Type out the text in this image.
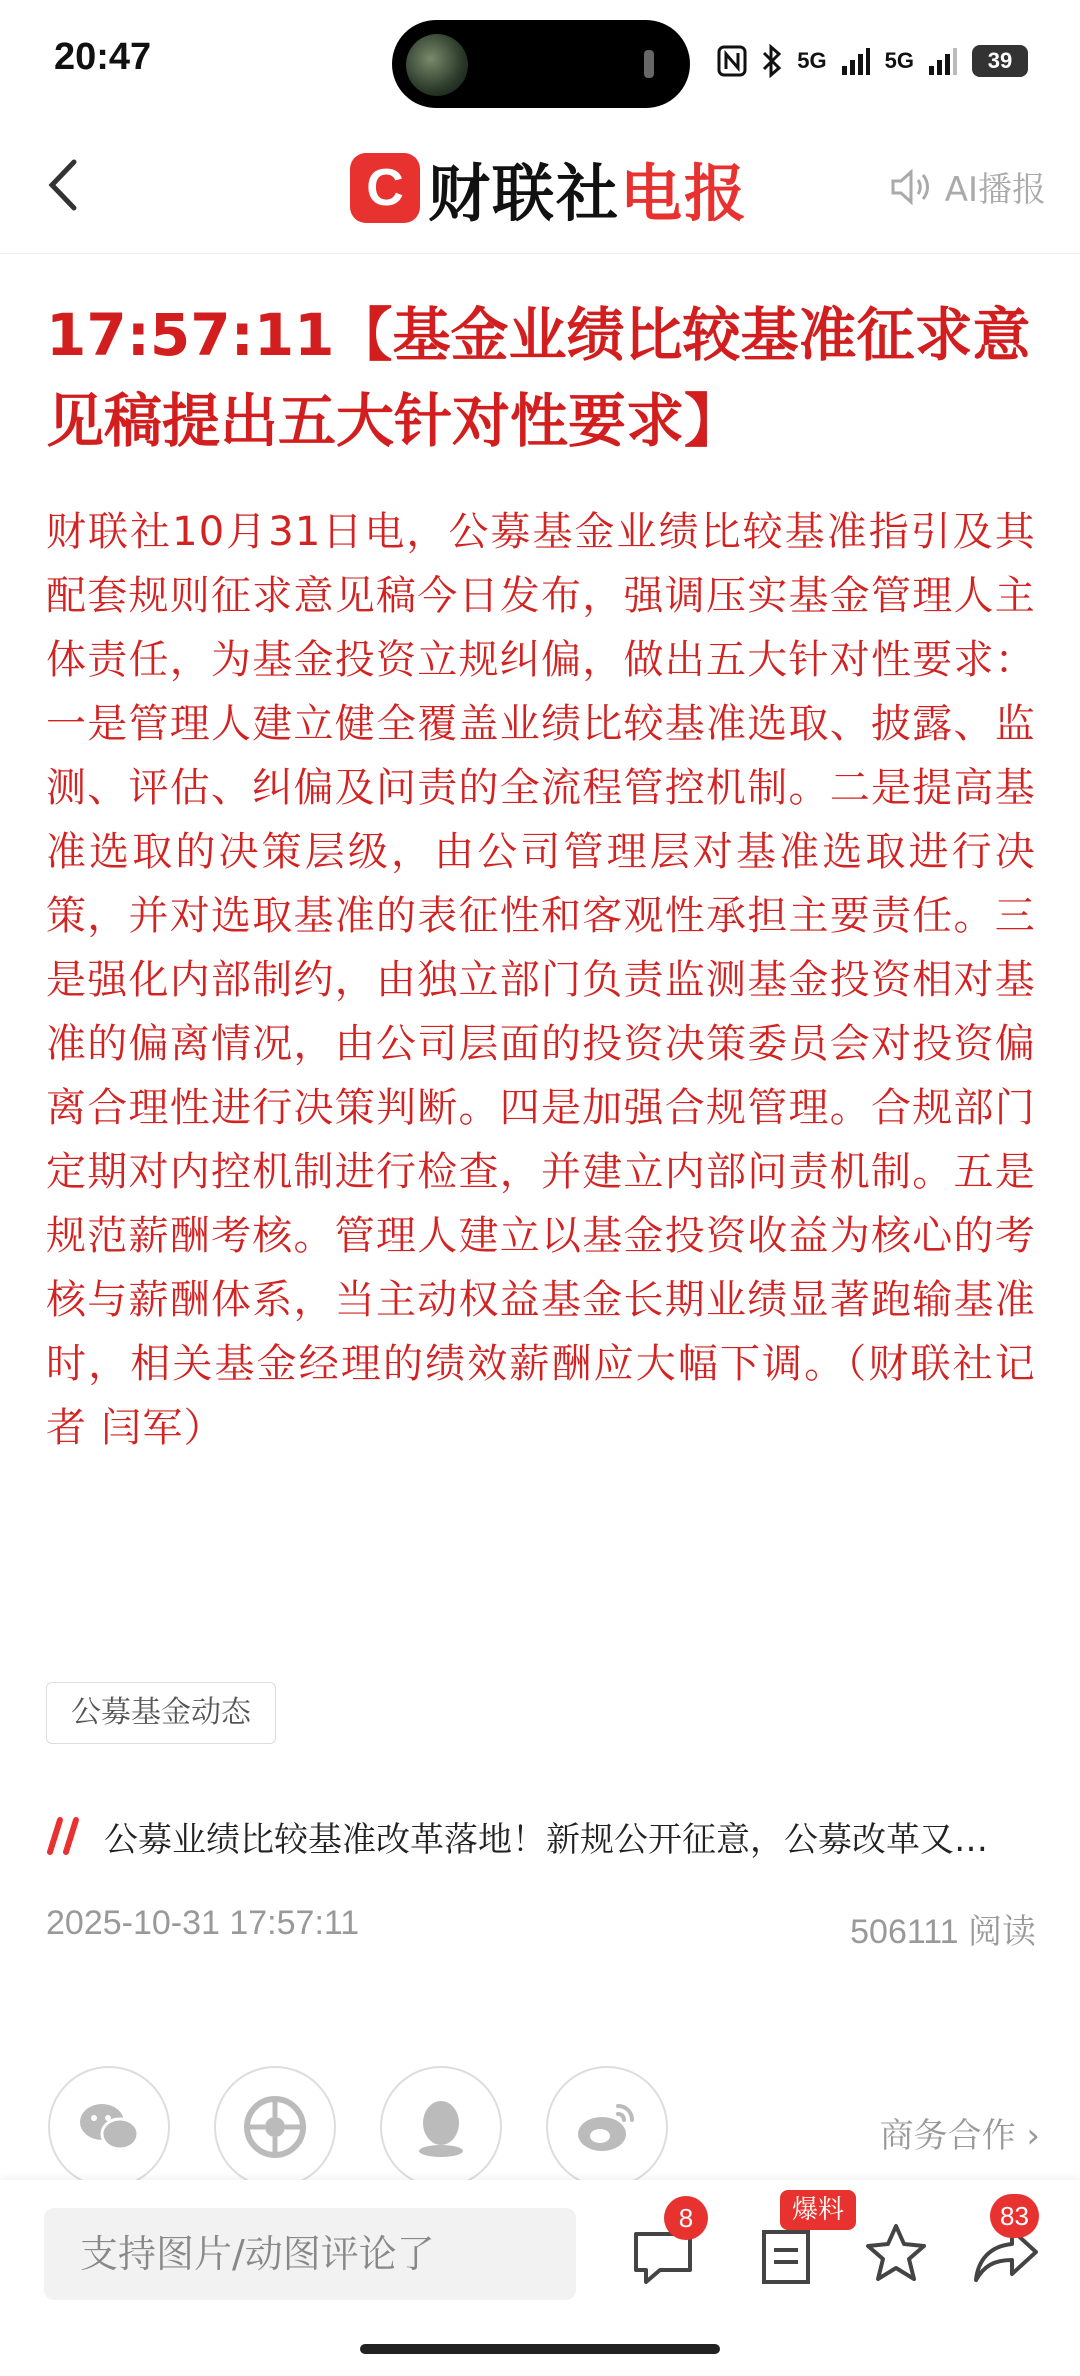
20:47	5G	5G	39
C 财联社电报	AI播报
17:57:11【基金业绩比较基准征求意见稿提出五大针对性要求】
财联社10月31日电，公募基金业绩比较基准指引及其配套规则征求意见稿今日发布，强调压实基金管理人主体责任，为基金投资立规纠偏，做出五大针对性要求：一是管理人建立健全覆盖业绩比较基准选取、披露、监测、评估、纠偏及问责的全流程管控机制。二是提高基准选取的决策层级，由公司管理层对基准选取进行决策，并对选取基准的表征性和客观性承担主要责任。三是强化内部制约，由独立部门负责监测基金投资相对基准的偏离情况，由公司层面的投资决策委员会对投资偏离合理性进行决策判断。四是加强合规管理。合规部门定期对内控机制进行检查，并建立内部问责机制。五是规范薪酬考核。管理人建立以基金投资收益为核心的考核与薪酬体系，当主动权益基金长期业绩显著跑输基准时，相关基金经理的绩效薪酬应大幅下调。（财联社记者 闫军）
公募基金动态
公募业绩比较基准改革落地！新规公开征意，公募改革又…
2025-10-31 17:57:11	506111 阅读
商务合作 ›
支持图片/动图评论了
8	爆料	83
